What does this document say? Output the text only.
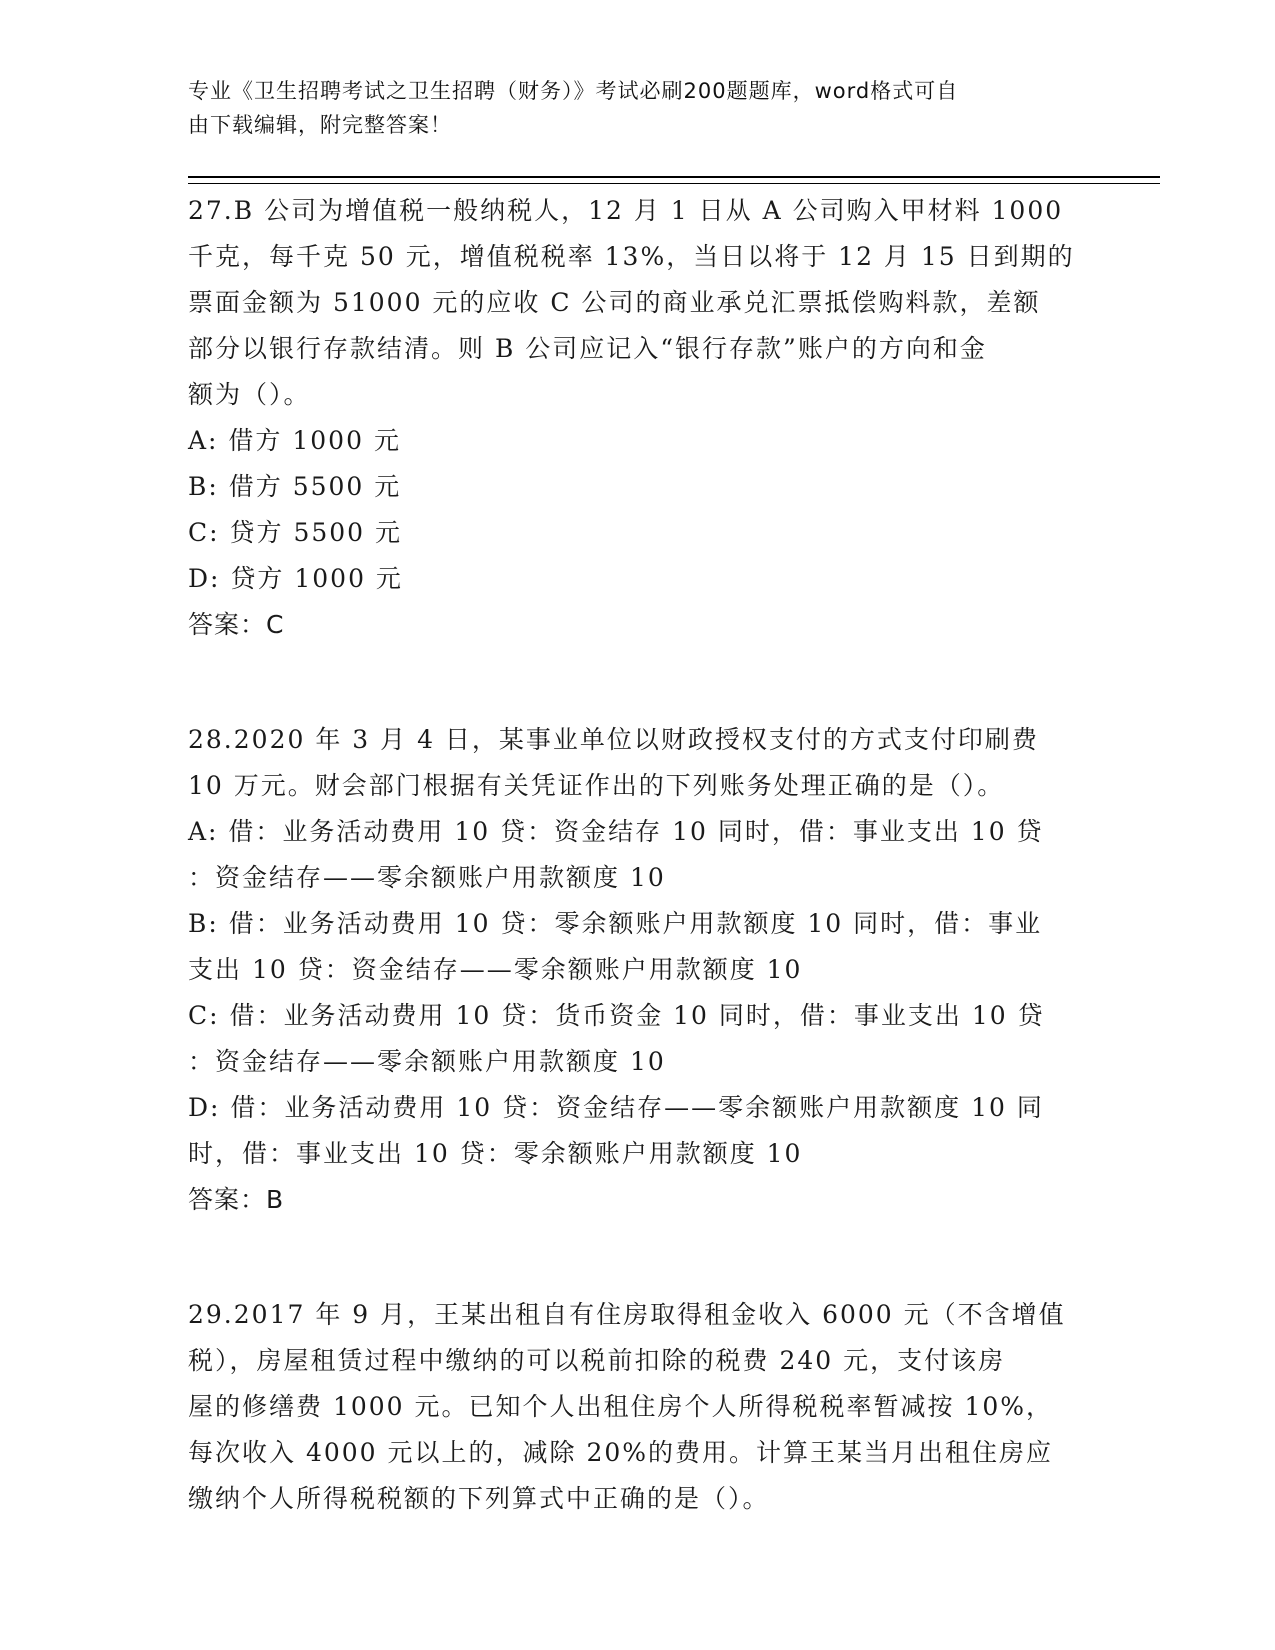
专业《卫生招聘考试之卫生招聘（财务）》考试必刷200题题库，word格式可自
由下载编辑，附完整答案！
27.B 公司为增值税一般纳税人，12 月 1 日从 A 公司购入甲材料 1000
千克，每千克 50 元，增值税税率 13%，当日以将于 12 月 15 日到期的
票面金额为 51000 元的应收 C 公司的商业承兑汇票抵偿购料款，差额
部分以银行存款结清。则 B 公司应记入“银行存款”账户的方向和金
额为（）。
A: 借方 1000 元
B: 借方 5500 元
C: 贷方 5500 元
D: 贷方 1000 元
答案：C
28.2020 年 3 月 4 日，某事业单位以财政授权支付的方式支付印刷费
10 万元。财会部门根据有关凭证作出的下列账务处理正确的是（）。
A: 借：业务活动费用 10 贷：资金结存 10 同时，借：事业支出 10 贷
：资金结存——零余额账户用款额度 10
B: 借：业务活动费用 10 贷：零余额账户用款额度 10 同时，借：事业
支出 10 贷：资金结存——零余额账户用款额度 10
C: 借：业务活动费用 10 贷：货币资金 10 同时，借：事业支出 10 贷
：资金结存——零余额账户用款额度 10
D: 借：业务活动费用 10 贷：资金结存——零余额账户用款额度 10 同
时，借：事业支出 10 贷：零余额账户用款额度 10
答案：B
29.2017 年 9 月，王某出租自有住房取得租金收入 6000 元（不含增值
税），房屋租赁过程中缴纳的可以税前扣除的税费 240 元，支付该房
屋的修缮费 1000 元。已知个人出租住房个人所得税税率暂减按 10%，
每次收入 4000 元以上的，减除 20%的费用。计算王某当月出租住房应
缴纳个人所得税税额的下列算式中正确的是（）。
